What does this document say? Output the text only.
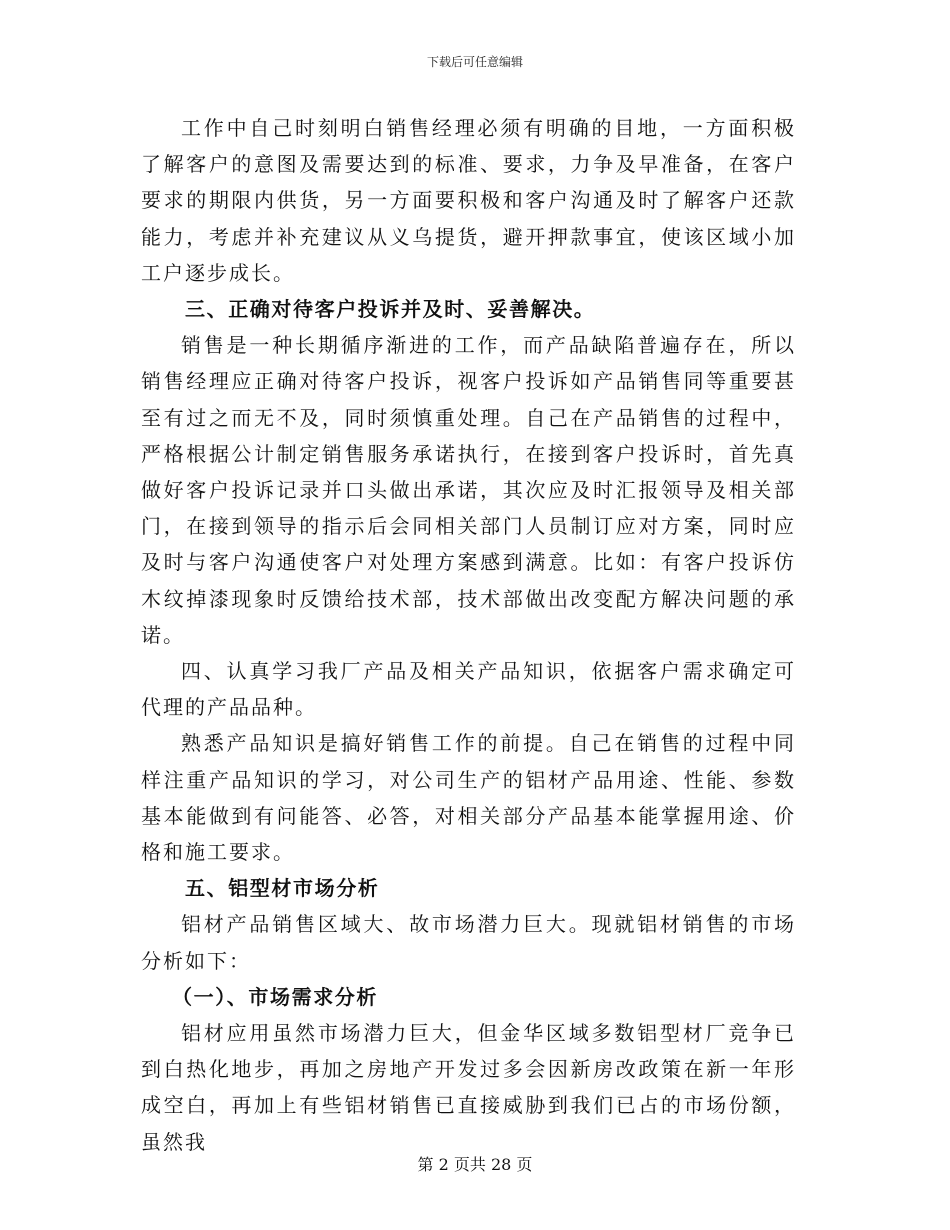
下载后可任意编辑

工作中自己时刻明白销售经理必须有明确的目地，一方面积极了解客户的意图及需要达到的标准、要求，力争及早准备，在客户要求的期限内供货，另一方面要积极和客户沟通及时了解客户还款能力，考虑并补充建议从义乌提货，避开押款事宜，使该区域小加工户逐步成长。

三、正确对待客户投诉并及时、妥善解决。

销售是一种长期循序渐进的工作，而产品缺陷普遍存在，所以销售经理应正确对待客户投诉，视客户投诉如产品销售同等重要甚至有过之而无不及，同时须慎重处理。自己在产品销售的过程中，严格根据公计制定销售服务承诺执行，在接到客户投诉时，首先真做好客户投诉记录并口头做出承诺，其次应及时汇报领导及相关部门，在接到领导的指示后会同相关部门人员制订应对方案，同时应及时与客户沟通使客户对处理方案感到满意。比如：有客户投诉仿木纹掉漆现象时反馈给技术部，技术部做出改变配方解决问题的承诺。

四、认真学习我厂产品及相关产品知识，依据客户需求确定可代理的产品品种。

熟悉产品知识是搞好销售工作的前提。自己在销售的过程中同样注重产品知识的学习，对公司生产的铝材产品用途、性能、参数基本能做到有问能答、必答，对相关部分产品基本能掌握用途、价格和施工要求。

五、铝型材市场分析

铝材产品销售区域大、故市场潜力巨大。现就铝材销售的市场分析如下：

（一）、市场需求分析

铝材应用虽然市场潜力巨大，但金华区域多数铝型材厂竞争已到白热化地步，再加之房地产开发过多会因新房改政策在新一年形成空白，再加上有些铝材销售已直接威胁到我们已占的市场份额，虽然我

第 2 页共 28 页
